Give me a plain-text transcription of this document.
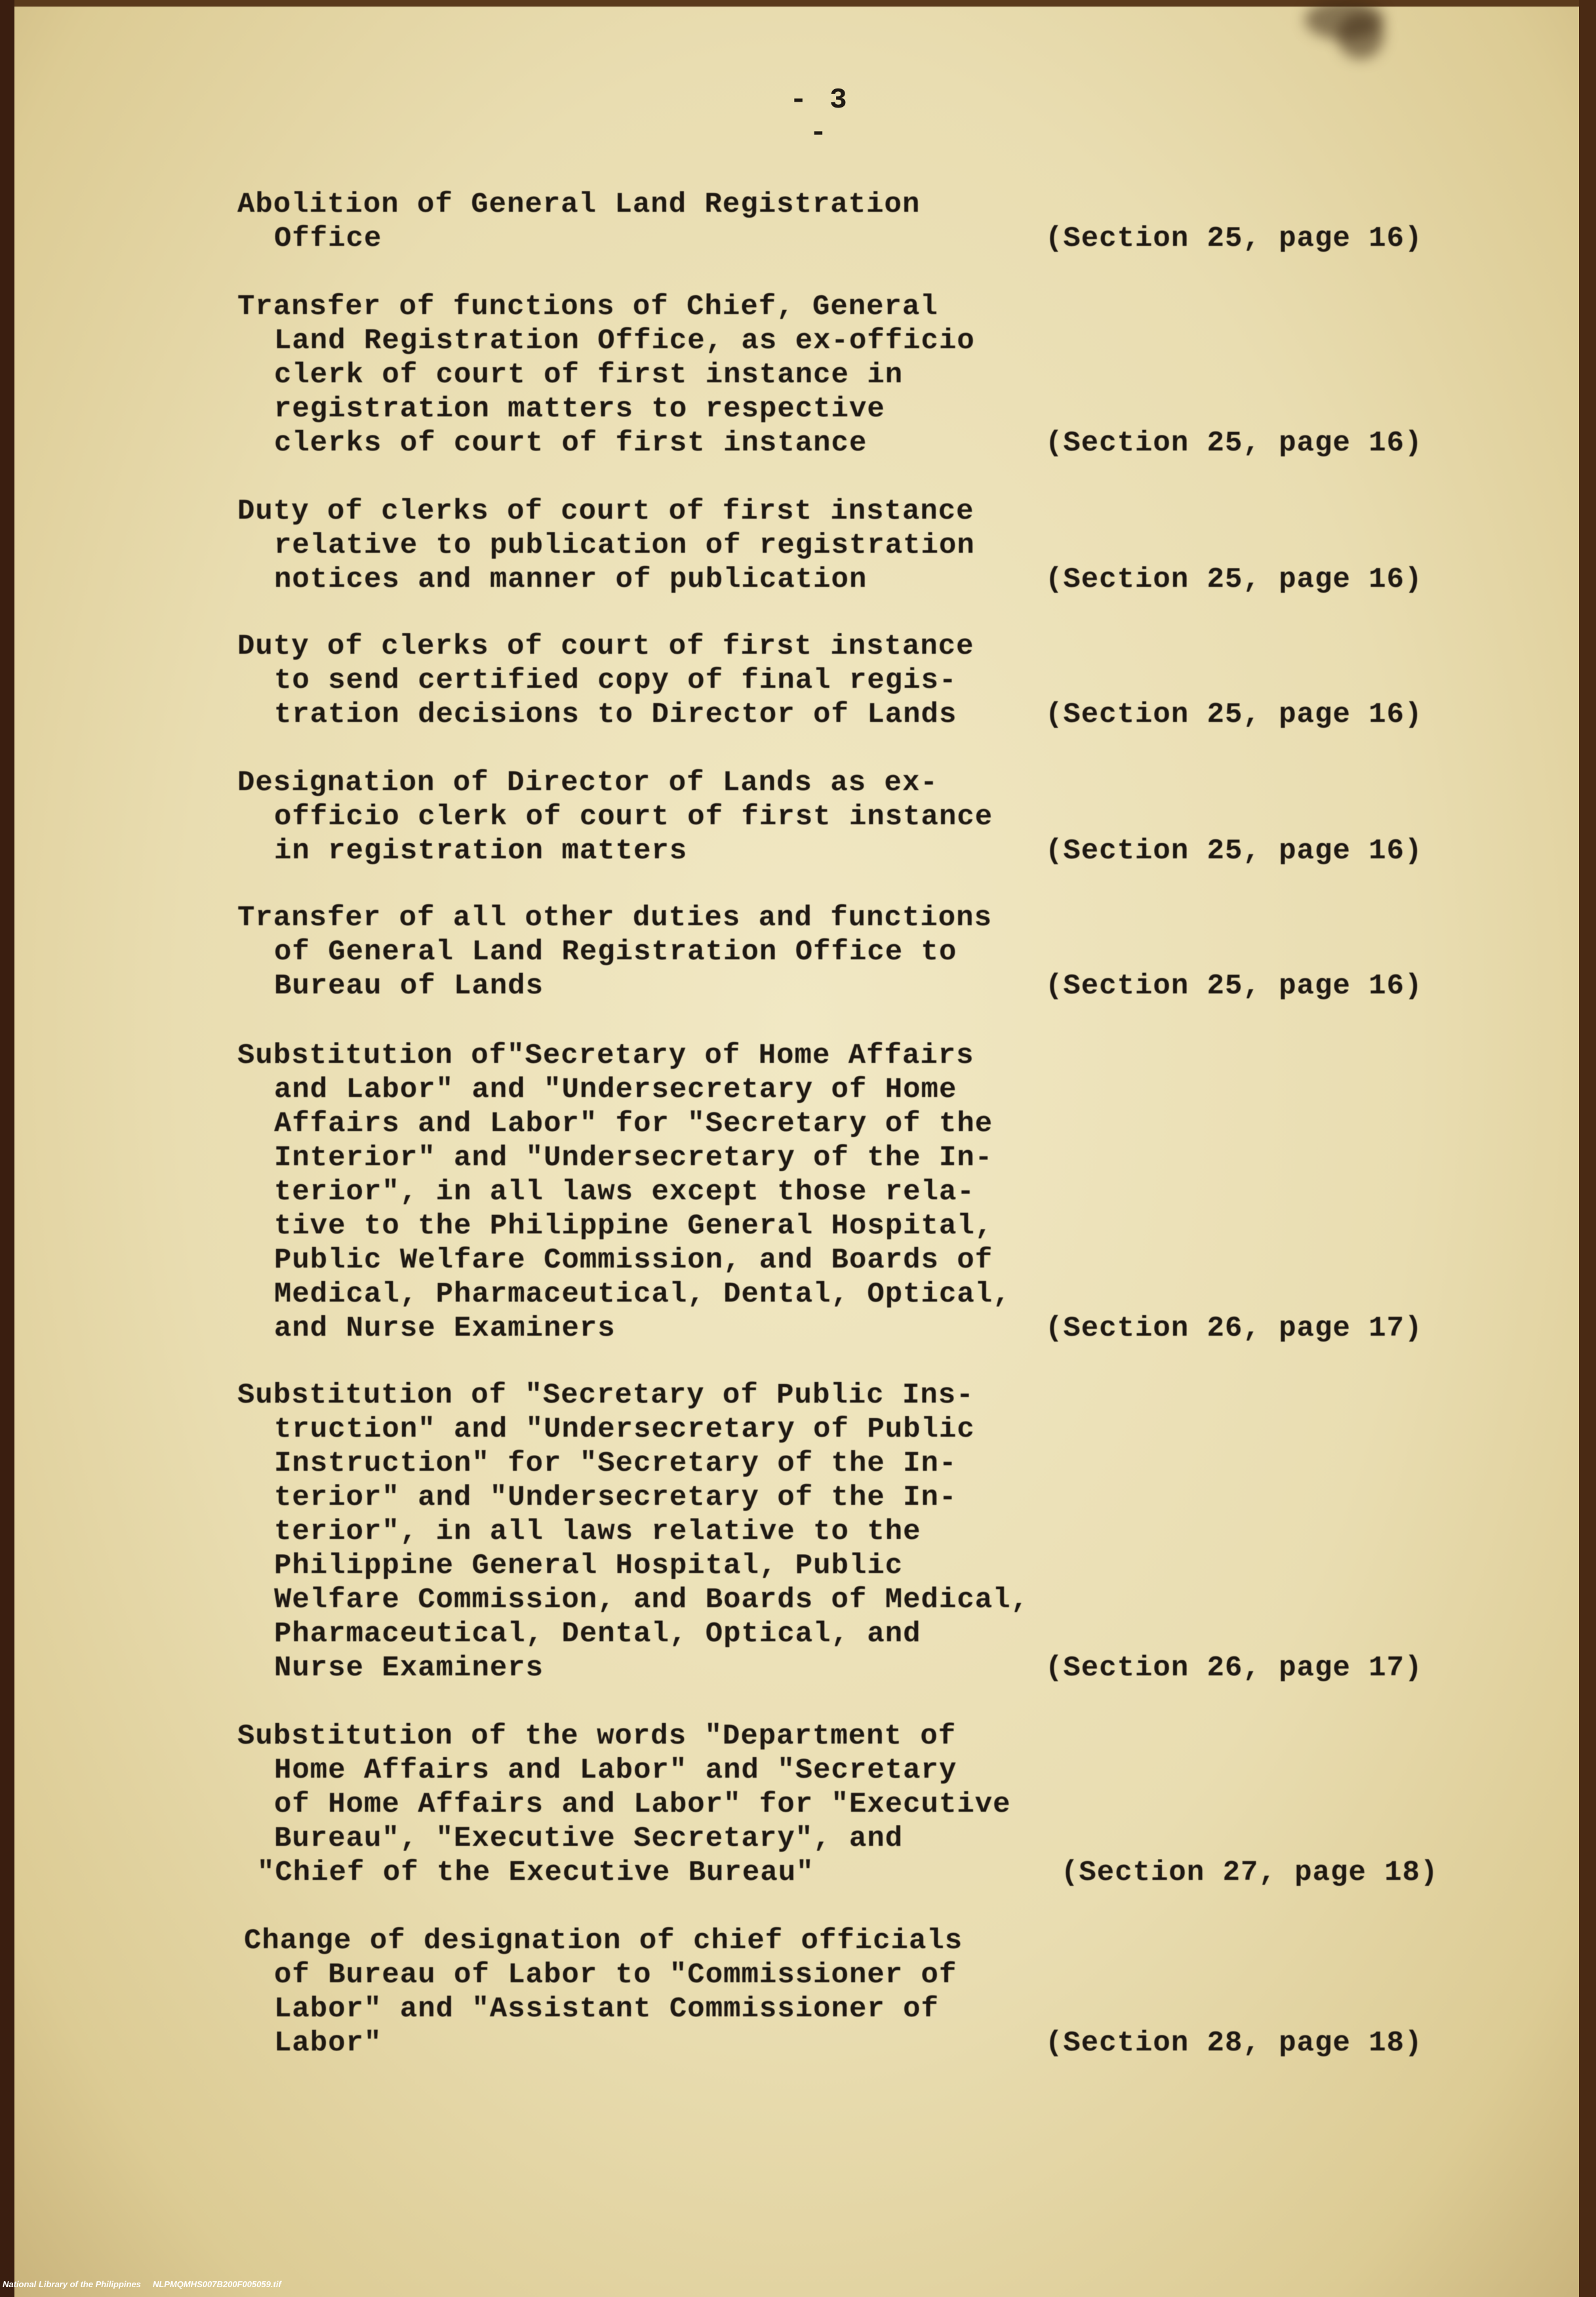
- 3 -
Abolition of General Land Registration
Office	(Section 25, page 16)
Transfer of functions of Chief, General
Land Registration Office, as ex-officio
clerk of court of first instance in
registration matters to respective
clerks of court of first instance	(Section 25, page 16)
Duty of clerks of court of first instance
relative to publication of registration
notices and manner of publication	(Section 25, page 16)
Duty of clerks of court of first instance
to send certified copy of final regis-
tration decisions to Director of Lands	(Section 25, page 16)
Designation of Director of Lands as ex-
officio clerk of court of first instance
in registration matters	(Section 25, page 16)
Transfer of all other duties and functions
of General Land Registration Office to
Bureau of Lands	(Section 25, page 16)
Substitution of"Secretary of Home Affairs
and Labor" and "Undersecretary of Home
Affairs and Labor" for "Secretary of the
Interior" and "Undersecretary of the In-
terior", in all laws except those rela-
tive to the Philippine General Hospital,
Public Welfare Commission, and Boards of
Medical, Pharmaceutical, Dental, Optical,
and Nurse Examiners	(Section 26, page 17)
Substitution of "Secretary of Public Ins-
truction" and "Undersecretary of Public
Instruction" for "Secretary of the In-
terior" and "Undersecretary of the In-
terior", in all laws relative to the
Philippine General Hospital, Public
Welfare Commission, and Boards of Medical,
Pharmaceutical, Dental, Optical, and
Nurse Examiners	(Section 26, page 17)
Substitution of the words "Department of
Home Affairs and Labor" and "Secretary
of Home Affairs and Labor" for "Executive
Bureau", "Executive Secretary", and
"Chief of the Executive Bureau"	(Section 27, page 18)
Change of designation of chief officials
of Bureau of Labor to "Commissioner of
Labor" and "Assistant Commissioner of
Labor"	(Section 28, page 18)
National Library of the Philippines     NLPMQMHS007B200F005059.tif
